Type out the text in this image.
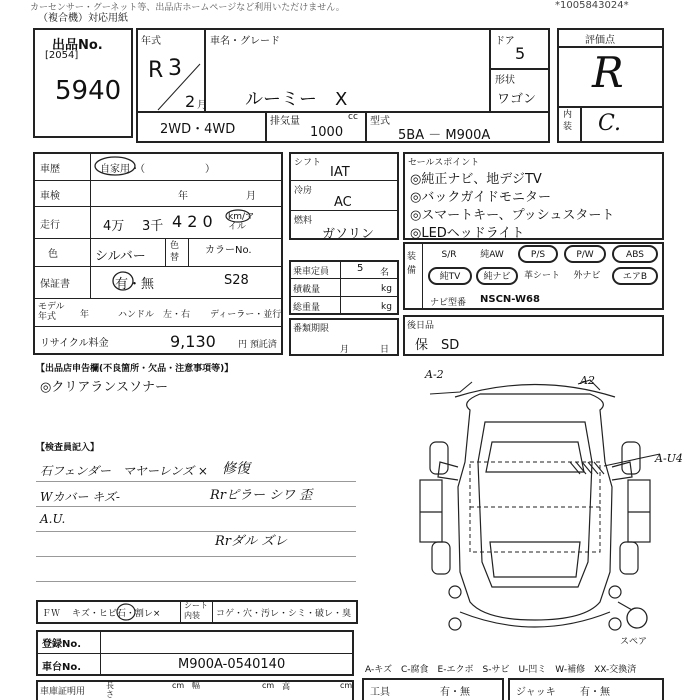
カーセンサー・グーネット等、出品店ホームページなど利用いただけません。
（複合機）対応用紙
*1005843024*
出品No.
[2054]
5940
年式
R 3
2 月
車名・グレード
ルーミー　X
ドア
5
形状
ワゴン
2WD・4WD
排気量	cc
1000
型式
5BA － M900A
評価点
R
内装 C.
車歴	自家用・（　　　　　　）
車検	年	月
走行	4万 3千 4 2 0 km/マイル
色	シルバー
色替
カラーNo.
保証書	有・無	S28
モデル年式	年	ハンドル　左・右 ディーラー・並行
リサイクル料金	9,130 円 預託済
シフト
IAT
冷房
AC
燃料
ガソリン
乗車定員	5 名
積載量	kg
総重量	kg
番類期限
月	日
セールスポイント
◎純正ナビ、地デジTV
◎バックガイドモニター
◎スマートキー、プッシュスタート
◎LEDヘッドライト
装備
S/R	純AW	P/S	P/W	ABS
純TV	純ナビ	革シート	外ナビ	エアB
ナビ型番 NSCN-W68
後日品
保　SD
【出品店申告欄(不良箇所・欠品・注意事項等)】
◎クリアランスソナー
【検査員記入】
石フェンダー　マヤーレンズ ×
Wカバー キズ-
A.U.
修復
Rrピラー シワ 歪
Rrダル ズレ
A-2	A2
A-U4
スペア
ＦＷ キズ・ヒビ石・割レ×
シート内装	コゲ・穴・汚レ・シミ・破レ・臭
登録No.
車台No.	M900A-0540140	A-キズ　C-腐食　E-エクボ　S-サビ　U-凹ミ　W-補修　XX-交換済
車庫証明用
長さ
cm 幅	cm 高	cm
工具	有・無	ジャッキ 有・無
